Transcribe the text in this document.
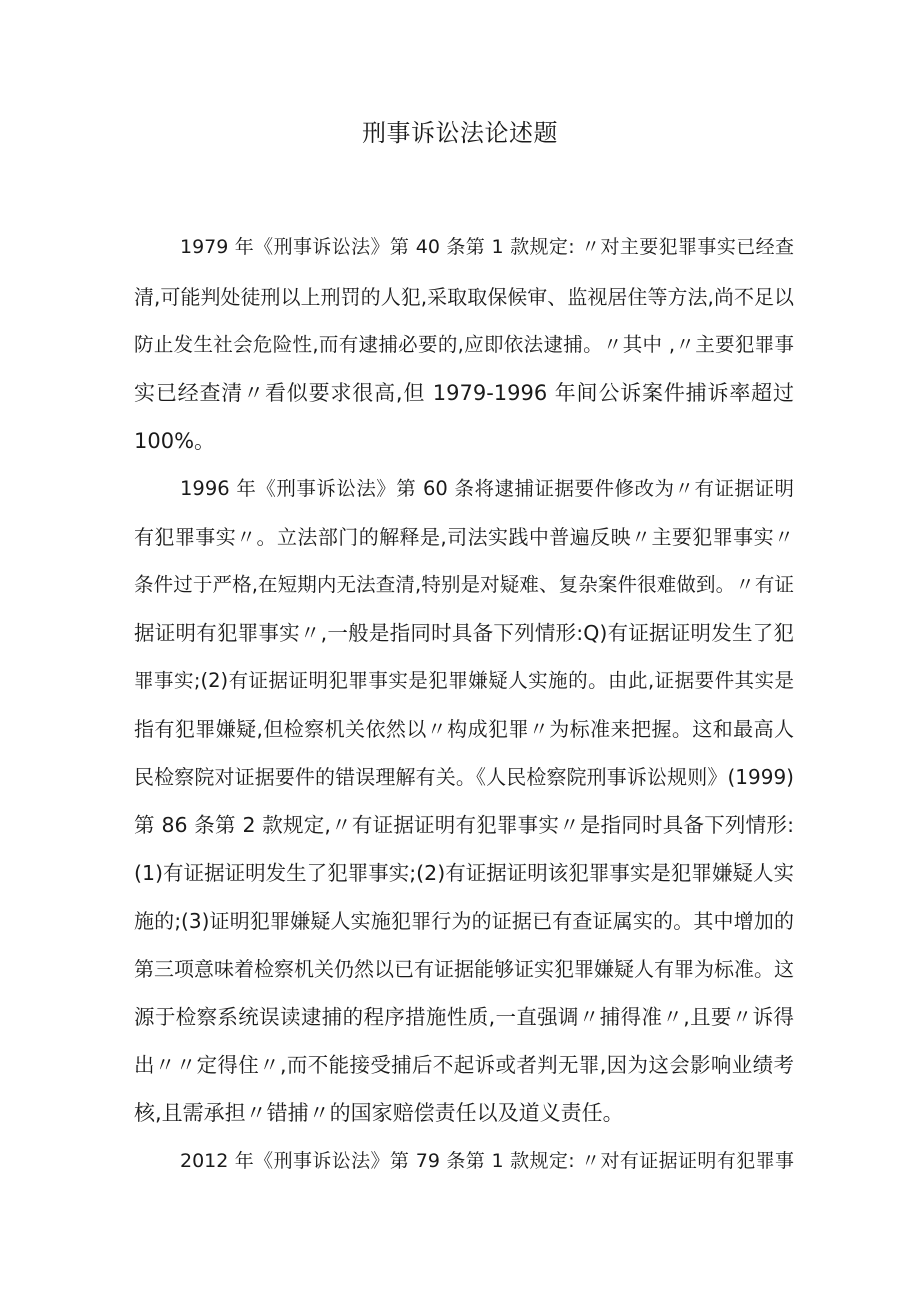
刑事诉讼法论述题

1979 年《刑事诉讼法》第 40 条第 1 款规定: 〃对主要犯罪事实已经查

清,可能判处徒刑以上刑罚的人犯,采取取保候审、监视居住等方法,尚不足以

防止发生社会危险性,而有逮捕必要的,应即依法逮捕。〃其中 ,〃主要犯罪事

实已经查清〃看似要求很高,但 1979-1996 年间公诉案件捕诉率超过

100%。

1996 年《刑事诉讼法》第 60 条将逮捕证据要件修改为〃有证据证明

有犯罪事实〃。立法部门的解释是,司法实践中普遍反映〃主要犯罪事实〃

条件过于严格,在短期内无法查清,特别是对疑难、复杂案件很难做到。〃有证

据证明有犯罪事实〃,一般是指同时具备下列情形:Q)有证据证明发生了犯

罪事实;(2)有证据证明犯罪事实是犯罪嫌疑人实施的。由此,证据要件其实是

指有犯罪嫌疑,但检察机关依然以〃构成犯罪〃为标准来把握。这和最高人

民检察院对证据要件的错误理解有关。《人民检察院刑事诉讼规则》(1999)

第 86 条第 2 款规定,〃有证据证明有犯罪事实〃是指同时具备下列情形:

(1)有证据证明发生了犯罪事实;(2)有证据证明该犯罪事实是犯罪嫌疑人实

施的;(3)证明犯罪嫌疑人实施犯罪行为的证据已有查证属实的。其中增加的

第三项意味着检察机关仍然以已有证据能够证实犯罪嫌疑人有罪为标准。这

源于检察系统误读逮捕的程序措施性质,一直强调〃捕得准〃,且要〃诉得

出〃〃定得住〃,而不能接受捕后不起诉或者判无罪,因为这会影响业绩考

核,且需承担〃错捕〃的国家赔偿责任以及道义责任。

2012 年《刑事诉讼法》第 79 条第 1 款规定: 〃对有证据证明有犯罪事
